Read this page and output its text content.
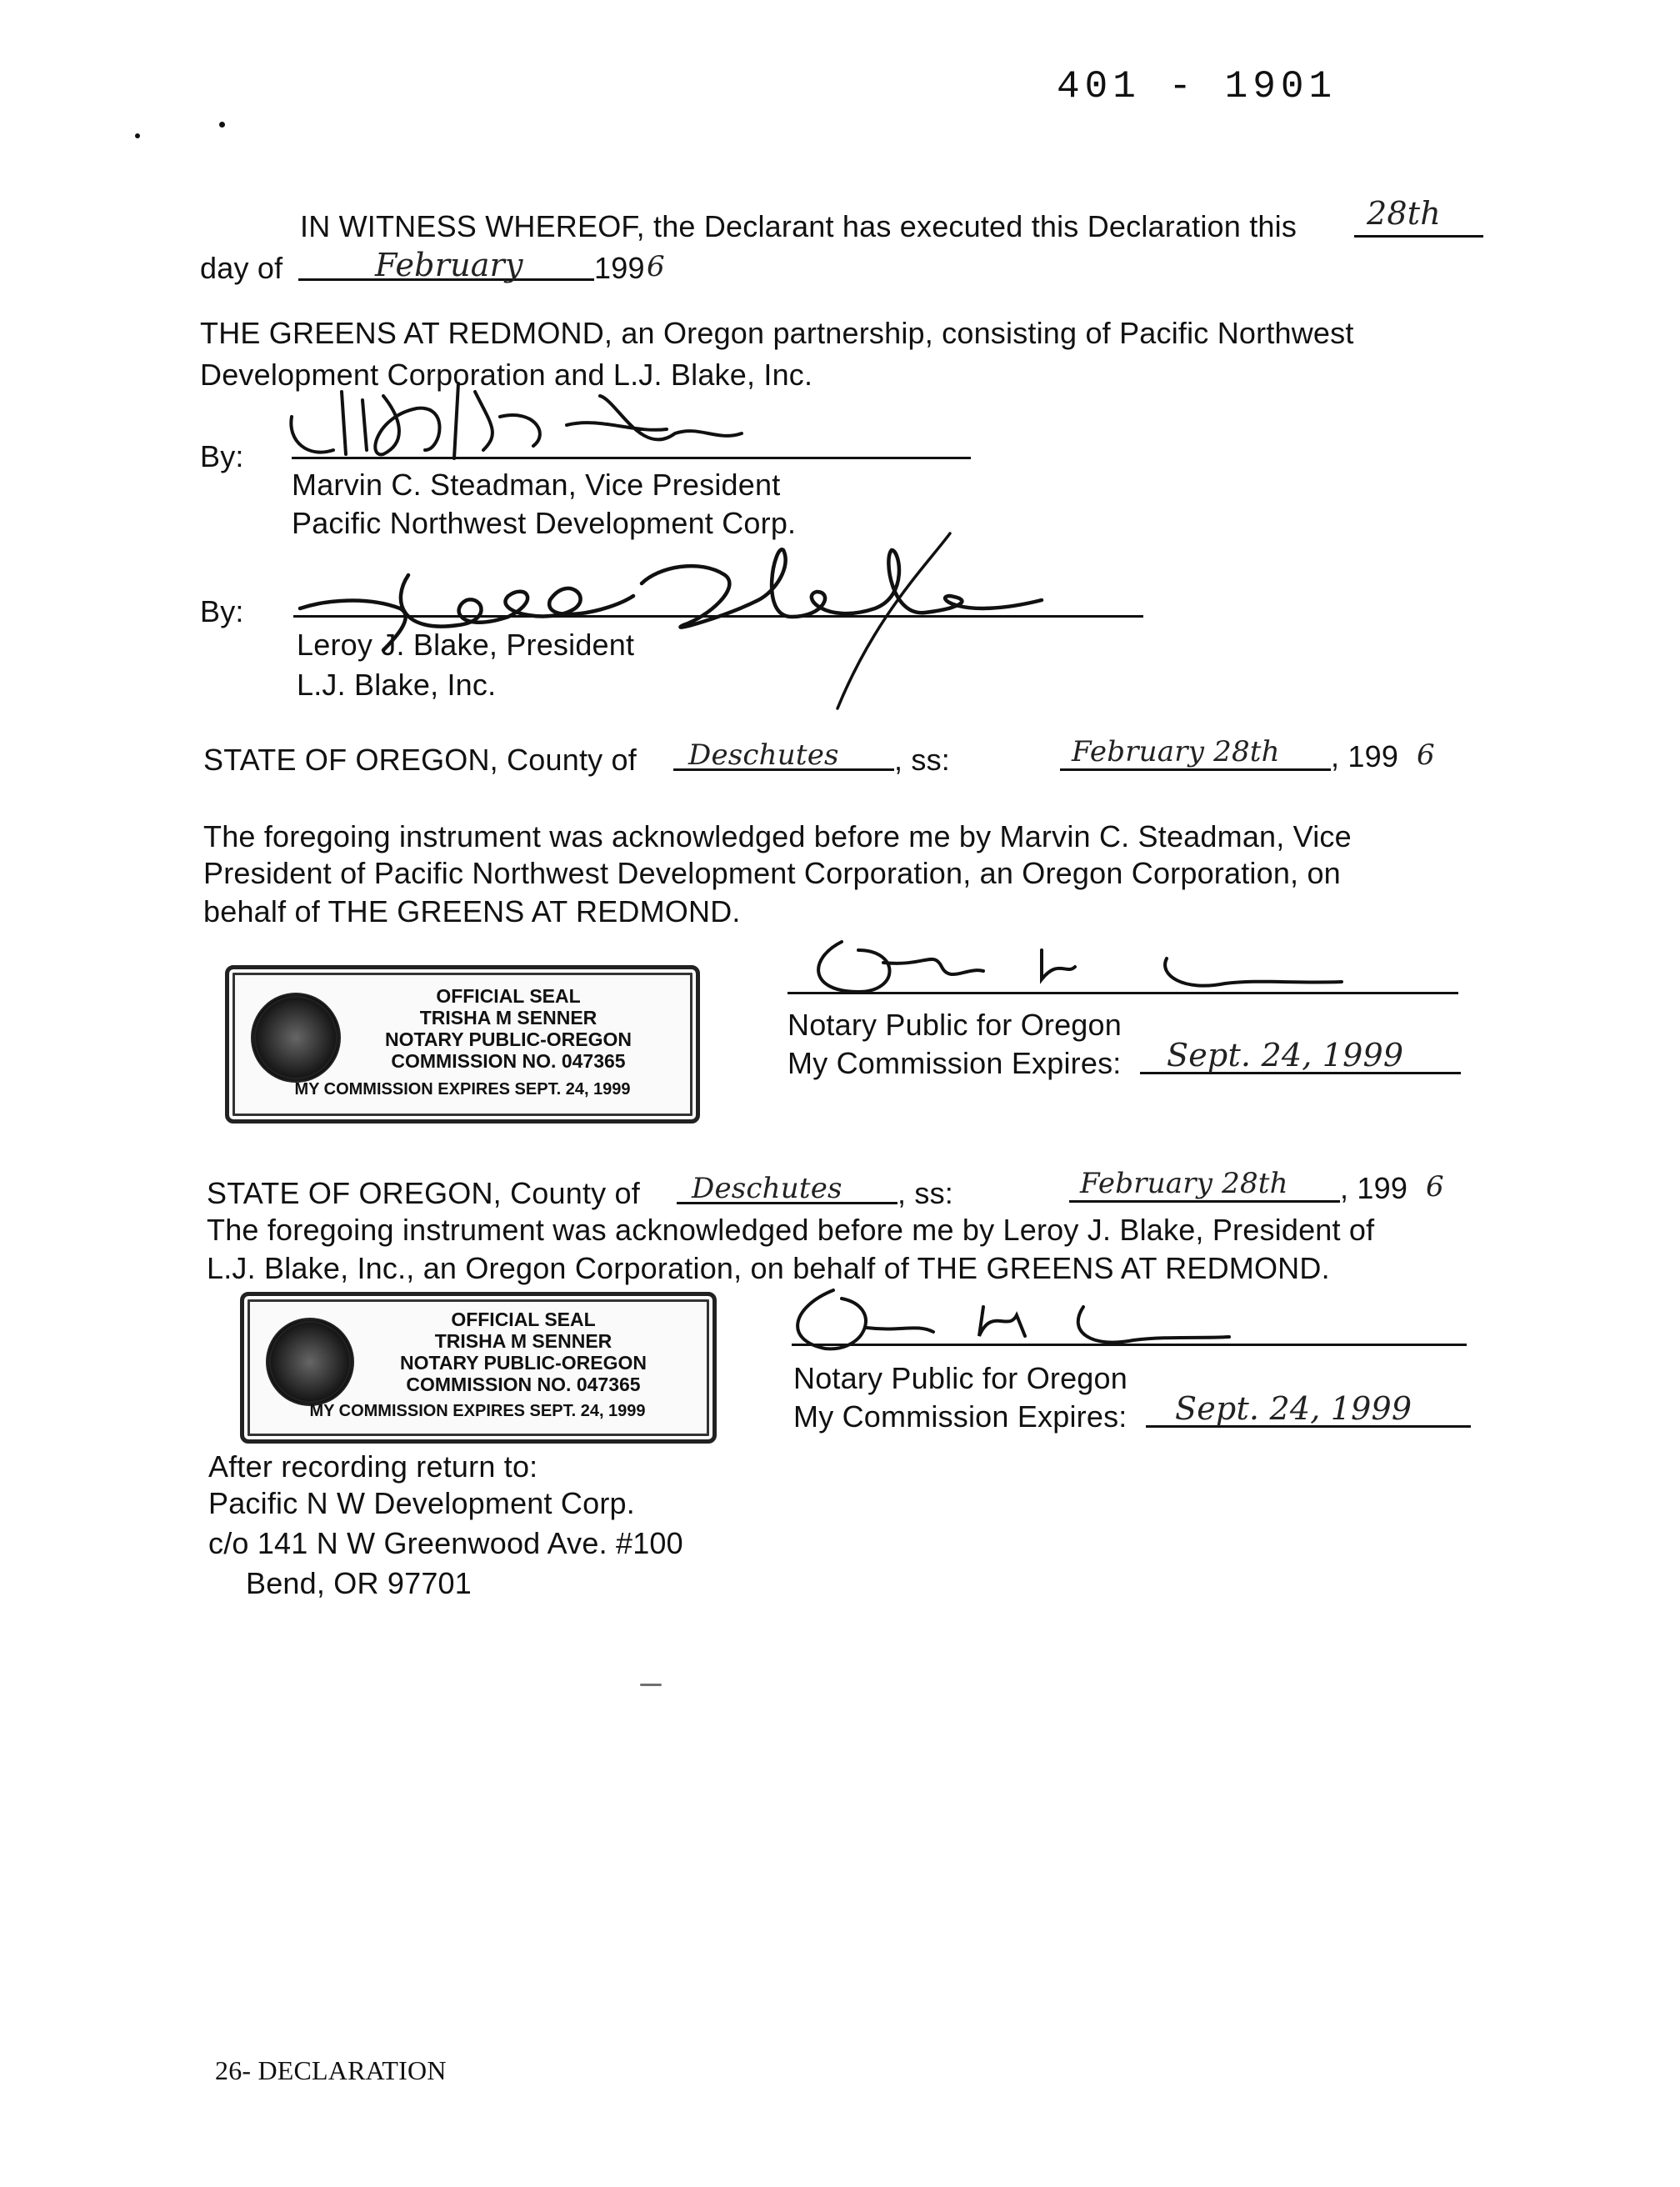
401 - 1901
IN WITNESS WHEREOF, the Declarant has executed this Declaration this 28th
day of	February 199 6
THE GREENS AT REDMOND, an Oregon partnership, consisting of Pacific Northwest
Development Corporation and L.J. Blake, Inc.
By:
Marvin C. Steadman, Vice President
Pacific Northwest Development Corp.
By:
Leroy J. Blake, President
L.J. Blake, Inc.
STATE OF OREGON, County of Deschutes , ss:	February 28th , 199 6
The foregoing instrument was acknowledged before me by Marvin C. Steadman, Vice
President of Pacific Northwest Development Corporation, an Oregon Corporation, on
behalf of THE GREENS AT REDMOND.
OFFICIAL SEAL
TRISHA M SENNER
NOTARY PUBLIC-OREGON
COMMISSION NO. 047365
MY COMMISSION EXPIRES SEPT. 24, 1999
Notary Public for Oregon
My Commission Expires: Sept. 24, 1999
STATE OF OREGON, County of Deschutes , ss:	February 28th , 199 6
The foregoing instrument was acknowledged before me by Leroy J. Blake, President of
L.J. Blake, Inc., an Oregon Corporation, on behalf of THE GREENS AT REDMOND.
OFFICIAL SEAL
TRISHA M SENNER
NOTARY PUBLIC-OREGON
COMMISSION NO. 047365
MY COMMISSION EXPIRES SEPT. 24, 1999
Notary Public for Oregon
My Commission Expires: Sept. 24, 1999
After recording return to:
Pacific N W Development Corp.
c/o 141 N W Greenwood Ave. #100
Bend, OR 97701
26- DECLARATION
